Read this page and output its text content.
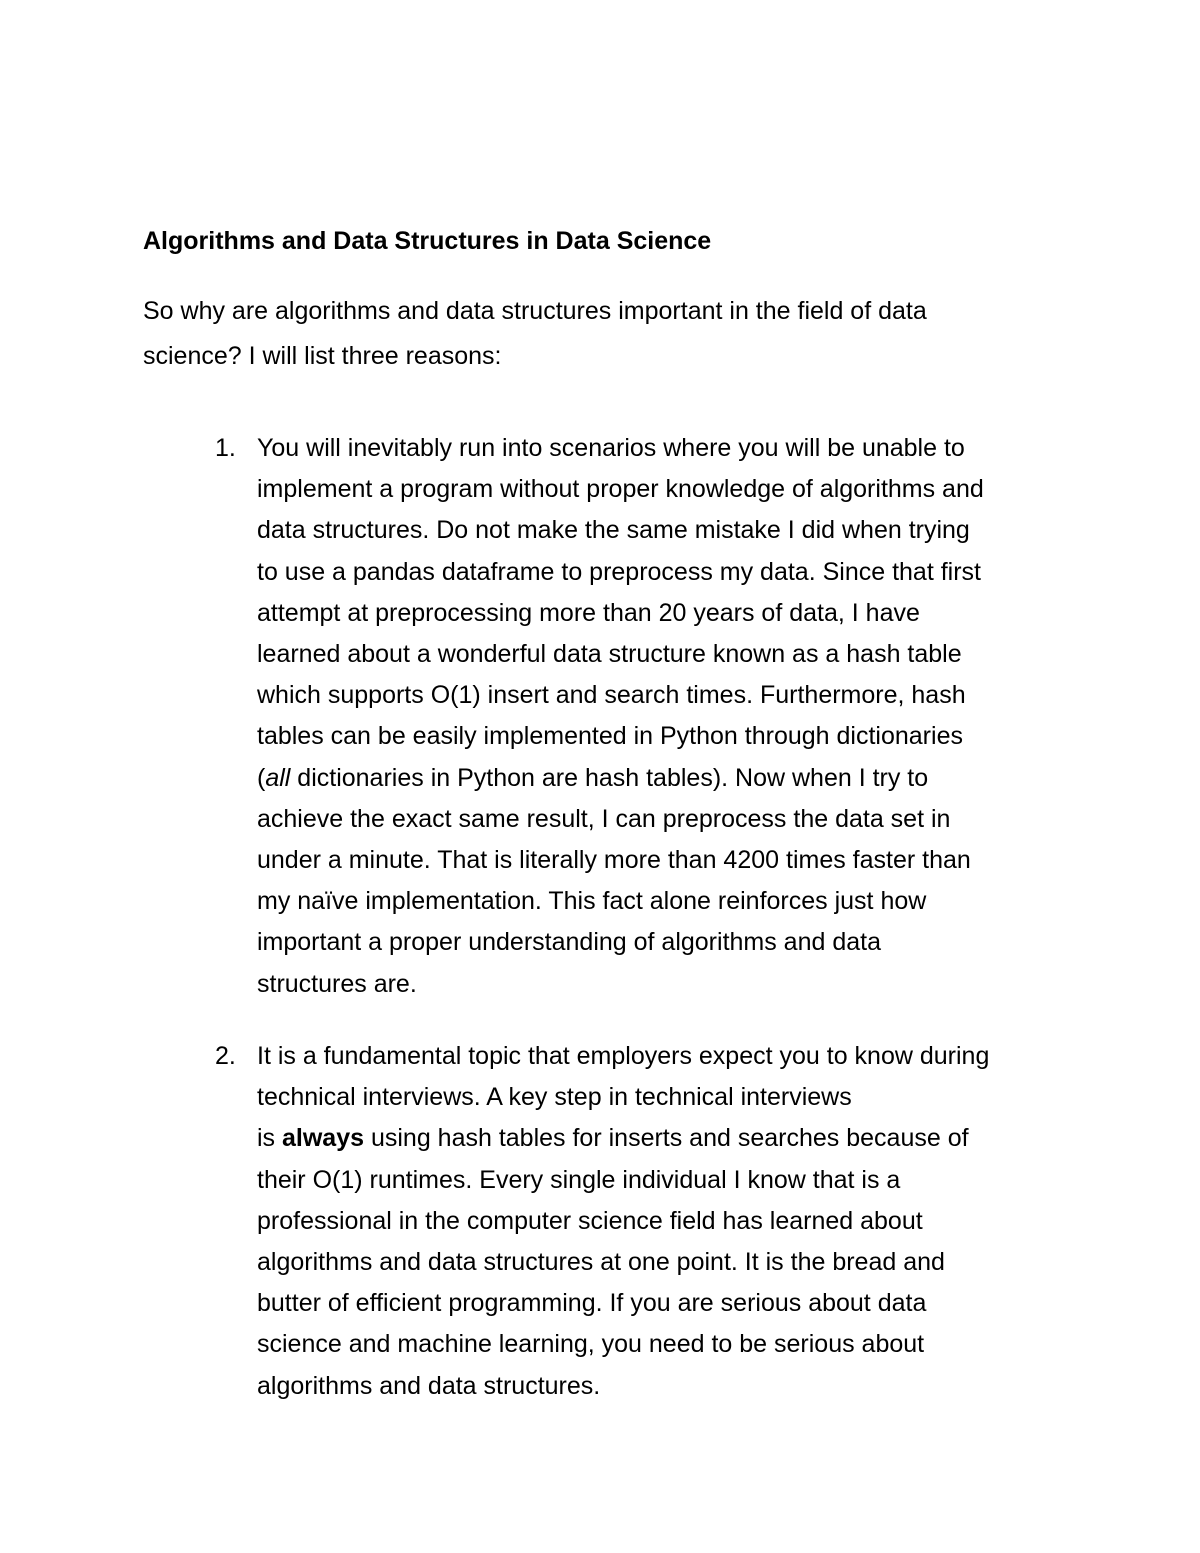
Algorithms and Data Structures in Data Science

So why are algorithms and data structures important in the field of data
science? I will list three reasons:

1. You will inevitably run into scenarios where you will be unable to
implement a program without proper knowledge of algorithms and
data structures. Do not make the same mistake I did when trying
to use a pandas dataframe to preprocess my data. Since that first
attempt at preprocessing more than 20 years of data, I have
learned about a wonderful data structure known as a hash table
which supports O(1) insert and search times. Furthermore, hash
tables can be easily implemented in Python through dictionaries
(all dictionaries in Python are hash tables). Now when I try to
achieve the exact same result, I can preprocess the data set in
under a minute. That is literally more than 4200 times faster than
my naïve implementation. This fact alone reinforces just how
important a proper understanding of algorithms and data
structures are.

2. It is a fundamental topic that employers expect you to know during
technical interviews. A key step in technical interviews
is always using hash tables for inserts and searches because of
their O(1) runtimes. Every single individual I know that is a
professional in the computer science field has learned about
algorithms and data structures at one point. It is the bread and
butter of efficient programming. If you are serious about data
science and machine learning, you need to be serious about
algorithms and data structures.
